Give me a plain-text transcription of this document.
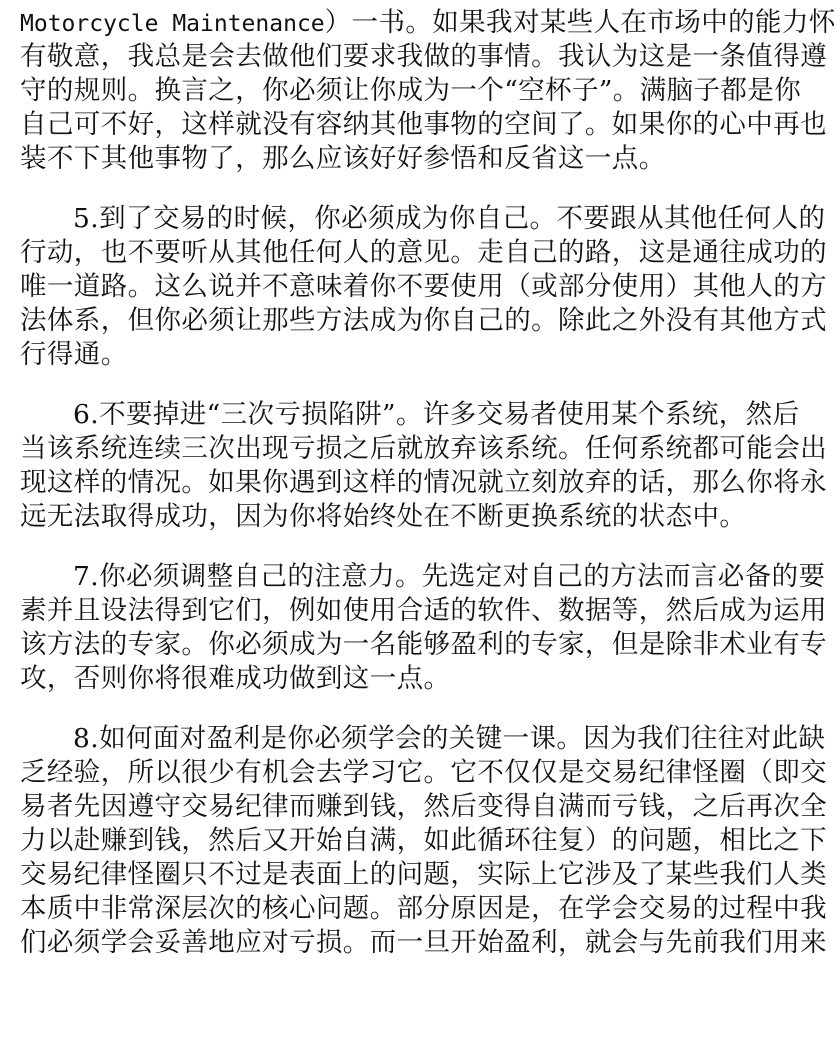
Motorcycle Maintenance）一书。如果我对某些人在市场中的能力怀
有敬意，我总是会去做他们要求我做的事情。我认为这是一条值得遵
守的规则。换言之，你必须让你成为一个“空杯子”。满脑子都是你
自己可不好，这样就没有容纳其他事物的空间了。如果你的心中再也
装不下其他事物了，那么应该好好参悟和反省这一点。
5.到了交易的时候，你必须成为你自己。不要跟从其他任何人的
行动，也不要听从其他任何人的意见。走自己的路，这是通往成功的
唯一道路。这么说并不意味着你不要使用（或部分使用）其他人的方
法体系，但你必须让那些方法成为你自己的。除此之外没有其他方式
行得通。
6.不要掉进“三次亏损陷阱”。许多交易者使用某个系统，然后
当该系统连续三次出现亏损之后就放弃该系统。任何系统都可能会出
现这样的情况。如果你遇到这样的情况就立刻放弃的话，那么你将永
远无法取得成功，因为你将始终处在不断更换系统的状态中。
7.你必须调整自己的注意力。先选定对自己的方法而言必备的要
素并且设法得到它们，例如使用合适的软件、数据等，然后成为运用
该方法的专家。你必须成为一名能够盈利的专家，但是除非术业有专
攻，否则你将很难成功做到这一点。
8.如何面对盈利是你必须学会的关键一课。因为我们往往对此缺
乏经验，所以很少有机会去学习它。它不仅仅是交易纪律怪圈（即交
易者先因遵守交易纪律而赚到钱，然后变得自满而亏钱，之后再次全
力以赴赚到钱，然后又开始自满，如此循环往复）的问题，相比之下
交易纪律怪圈只不过是表面上的问题，实际上它涉及了某些我们人类
本质中非常深层次的核心问题。部分原因是，在学会交易的过程中我
们必须学会妥善地应对亏损。而一旦开始盈利，就会与先前我们用来
